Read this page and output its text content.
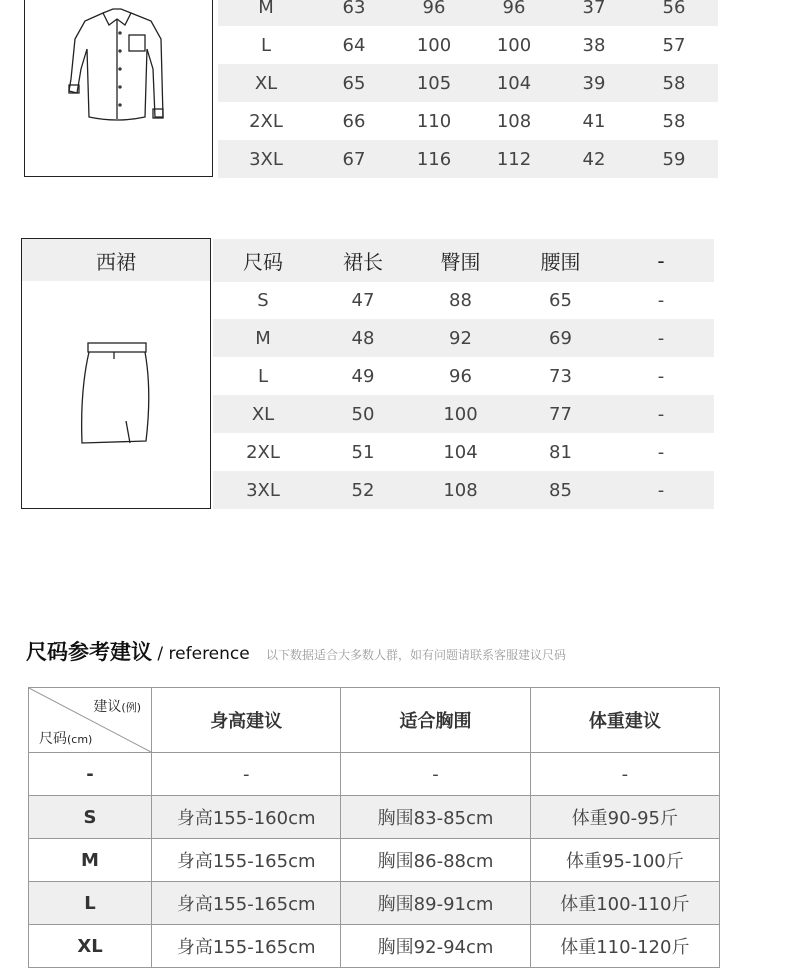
M	63	96	96	37	56
L	64	100	100	38	57
XL	65	105	104	39	58
2XL	66	110	108	41	58
3XL	67	116	112	42	59
西裙	尺码	裙长	臀围	腰围	-
S	47	88	65	-
M	48	92	69	-
L	49	96	73	-
XL	50	100	77	-
2XL	51	104	81	-
3XL	52	108	85	-
尺码参考建议 / reference 以下数据适合大多数人群，如有问题请联系客服建议尺码
建议(例)
尺码(cm)	身高建议	适合胸围	体重建议
-	-	-	-
S	身高155-160cm	胸围83-85cm	体重90-95斤
M	身高155-165cm	胸围86-88cm	体重95-100斤
L	身高155-165cm	胸围89-91cm	体重100-110斤
XL	身高155-165cm	胸围92-94cm	体重110-120斤
